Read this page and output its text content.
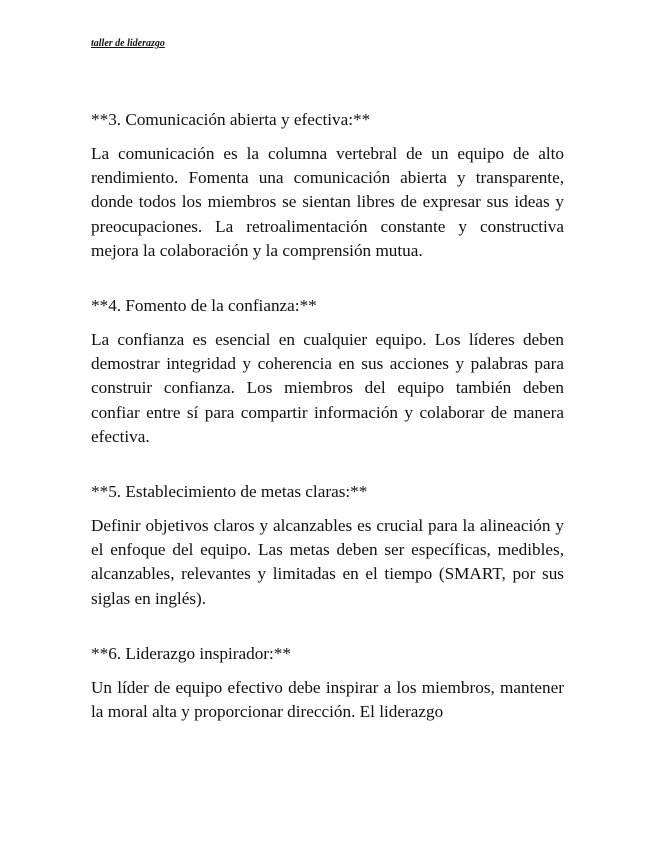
taller de liderazgo

**3. Comunicación abierta y efectiva:**

La comunicación es la columna vertebral de un equipo de alto rendimiento. Fomenta una comunicación abierta y transparente, donde todos los miembros se sientan libres de expresar sus ideas y preocupaciones. La retroalimentación constante y constructiva mejora la colaboración y la comprensión mutua.

**4. Fomento de la confianza:**

La confianza es esencial en cualquier equipo. Los líderes deben demostrar integridad y coherencia en sus acciones y palabras para construir confianza. Los miembros del equipo también deben confiar entre sí para compartir información y colaborar de manera efectiva.

**5. Establecimiento de metas claras:**

Definir objetivos claros y alcanzables es crucial para la alineación y el enfoque del equipo. Las metas deben ser específicas, medibles, alcanzables, relevantes y limitadas en el tiempo (SMART, por sus siglas en inglés).

**6. Liderazgo inspirador:**

Un líder de equipo efectivo debe inspirar a los miembros, mantener la moral alta y proporcionar dirección. El liderazgo
